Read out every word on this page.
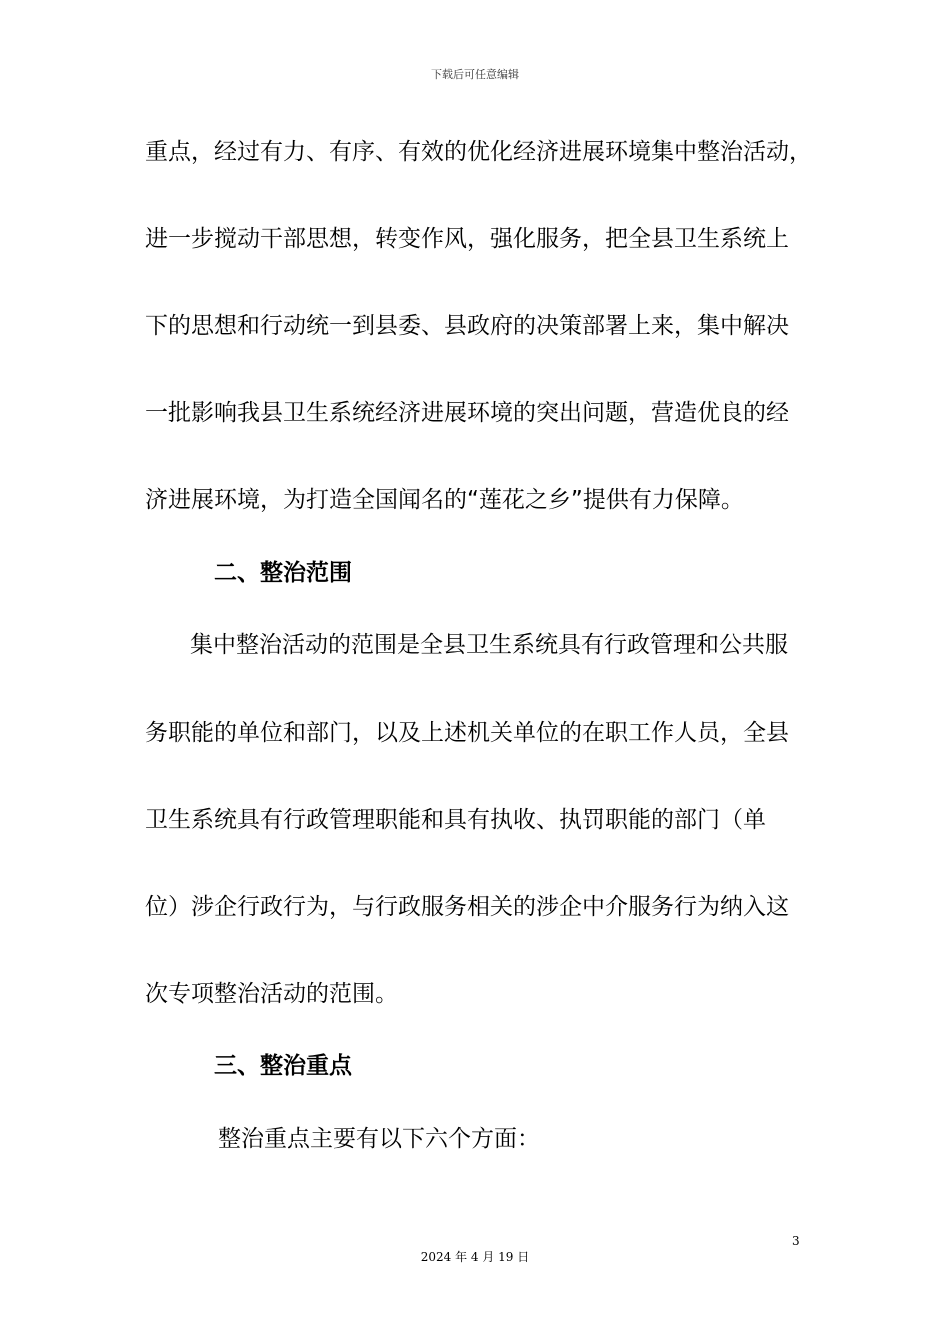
下载后可任意编辑
重点，经过有力、有序、有效的优化经济进展环境集中整治活动，
进一步搅动干部思想，转变作风，强化服务，把全县卫生系统上
下的思想和行动统一到县委、县政府的决策部署上来，集中解决
一批影响我县卫生系统经济进展环境的突出问题，营造优良的经
济进展环境，为打造全国闻名的“莲花之乡”提供有力保障。
二、整治范围
集中整治活动的范围是全县卫生系统具有行政管理和公共服
务职能的单位和部门，以及上述机关单位的在职工作人员，全县
卫生系统具有行政管理职能和具有执收、执罚职能的部门（单
位）涉企行政行为，与行政服务相关的涉企中介服务行为纳入这
次专项整治活动的范围。
三、整治重点
整治重点主要有以下六个方面：
3
2024 年 4 月 19 日
